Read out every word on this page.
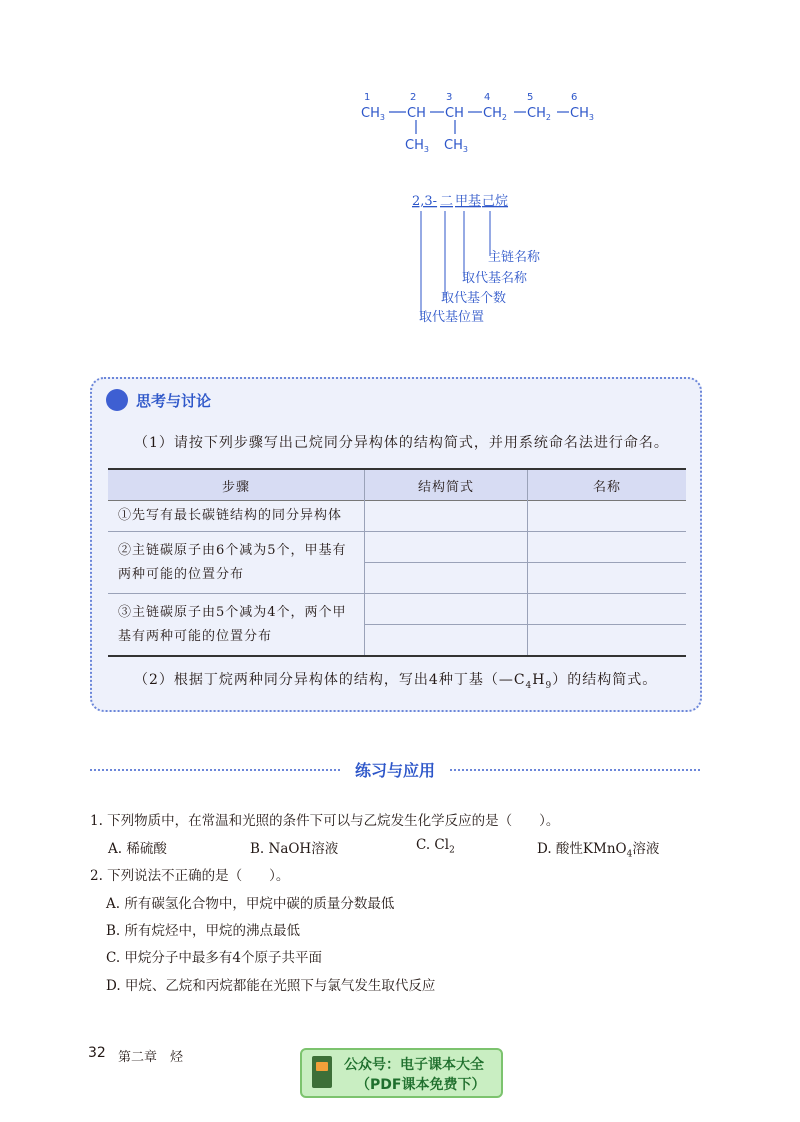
1	2	3	4	5	6
$CH_3$ CH CH $CH_2$ $CH_2$ $CH_3$
$CH_3$ $CH_3$
2,3- 二 甲基 己烷
主链名称
取代基名称
取代基个数
取代基位置
思考与讨论
（1）请按下列步骤写出己烷同分异构体的结构简式，并用系统命名法进行命名。
步骤	结构简式	名称
①先写有最长碳链结构的同分异构体		
②主链碳原子由6个减为5个，甲基有两种可能的位置分布		

③主链碳原子由5个减为4个，两个甲基有两种可能的位置分布		

（2）根据丁烷两种同分异构体的结构，写出4种丁基$(—C_4H_9)$的结构简式。
练习与应用
1. 下列物质中，在常温和光照的条件下可以与乙烷发生化学反应的是（　　）。
A. 稀硫酸	B. NaOH溶液	C. $Cl_2$	D. 酸性KMnO$_4$溶液
2. 下列说法不正确的是（　　）。
A. 所有碳氢化合物中，甲烷中碳的质量分数最低
B. 所有烷烃中，甲烷的沸点最低
C. 甲烷分子中最多有4个原子共平面
D. 甲烷、乙烷和丙烷都能在光照下与氯气发生取代反应
32 第二章 烃	公众号：电子课本大全
（PDF课本免费下）
